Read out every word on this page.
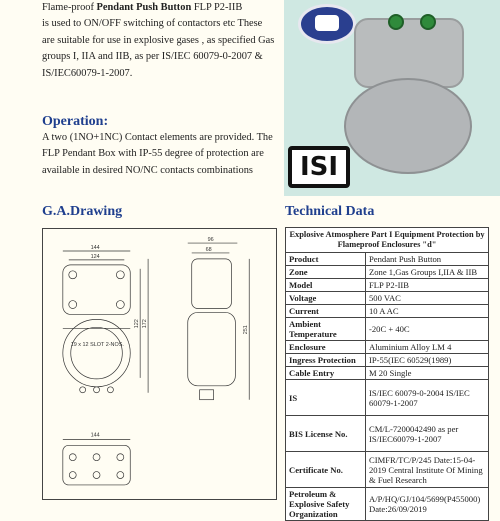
Flame-proof Pendant Push Button FLP P2-IIB
is used to ON/OFF switching of contactors etc These are suitable for use in explosive gases , as specified Gas groups I, IIA and IIB, as per IS/IEC 60079-0-2007 & IS/IEC60079-1-2007.
ISI
Operation:
A two (1NO+1NC) Contact elements are provided. The FLP Pendant Box with IP-55 degree of protection are available in desired NO/NC contacts combinations
G.A.Drawing	Technical Data
144
124
19 x 12 SLOT 2-NOS.
122 172
96
68
251
144
Explosive Atmosphere Part I Equipment Protection by Flameproof Enclosures "d"	
Product	Pendant Push Button
Zone	Zone 1,Gas Groups I,IIA & IIB
Model	FLP P2-IIB
Voltage	500 VAC
Current	10 A AC
Ambient Temperature	-20C + 40C
Enclosure	Aluminium Alloy LM 4
Ingress Protection	IP-55(IEC 60529(1989)
Cable Entry	M 20 Single
IS	IS/IEC 60079-0-2004 IS/IEC 60079-1-2007
BIS License No.	CM/L-7200042490 as per IS/IEC60079-1-2007
Certificate No.	CIMFR/TC/P/245 Date:15-04-2019 Central Institute Of Mining & Fuel Research
Petroleum & Explosive Safety Organization	A/P/HQ/GJ/104/5699(P455000) Date:26/09/2019
